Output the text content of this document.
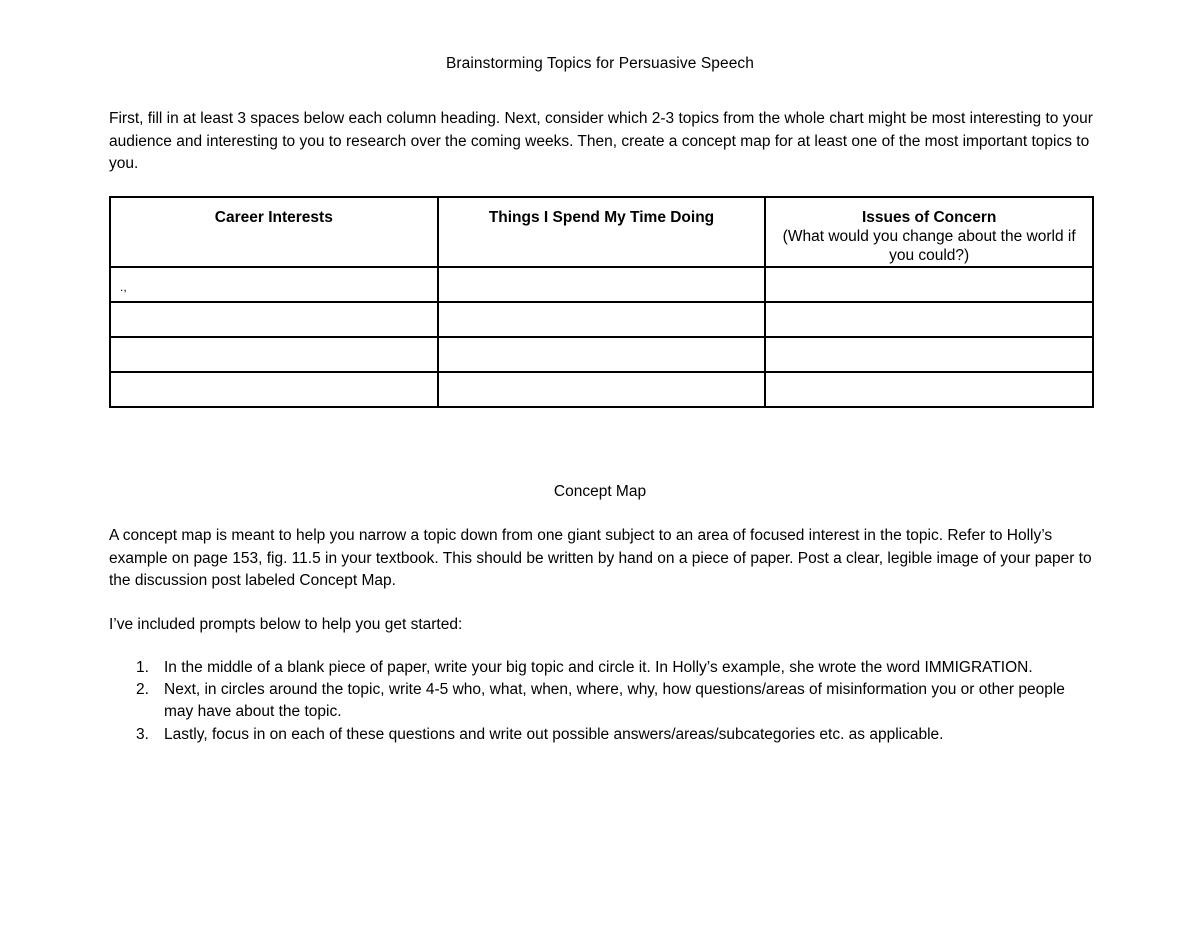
Brainstorming Topics for Persuasive Speech

First, fill in at least 3 spaces below each column heading. Next, consider which 2-3 topics from the whole chart might be most interesting to your audience and interesting to you to research over the coming weeks. Then, create a concept map for at least one of the most important topics to you.

Career Interests	Things I Spend My Time Doing	Issues of Concern
(What would you change about the world if you could?)

.,		

Concept Map

A concept map is meant to help you narrow a topic down from one giant subject to an area of focused interest in the topic. Refer to Holly’s example on page 153, fig. 11.5 in your textbook. This should be written by hand on a piece of paper. Post a clear, legible image of your paper to the discussion post labeled Concept Map.

I’ve included prompts below to help you get started:

1. In the middle of a blank piece of paper, write your big topic and circle it. In Holly’s example, she wrote the word IMMIGRATION.
2. Next, in circles around the topic, write 4-5 who, what, when, where, why, how questions/areas of misinformation you or other people may have about the topic.
3. Lastly, focus in on each of these questions and write out possible answers/areas/subcategories etc. as applicable.
